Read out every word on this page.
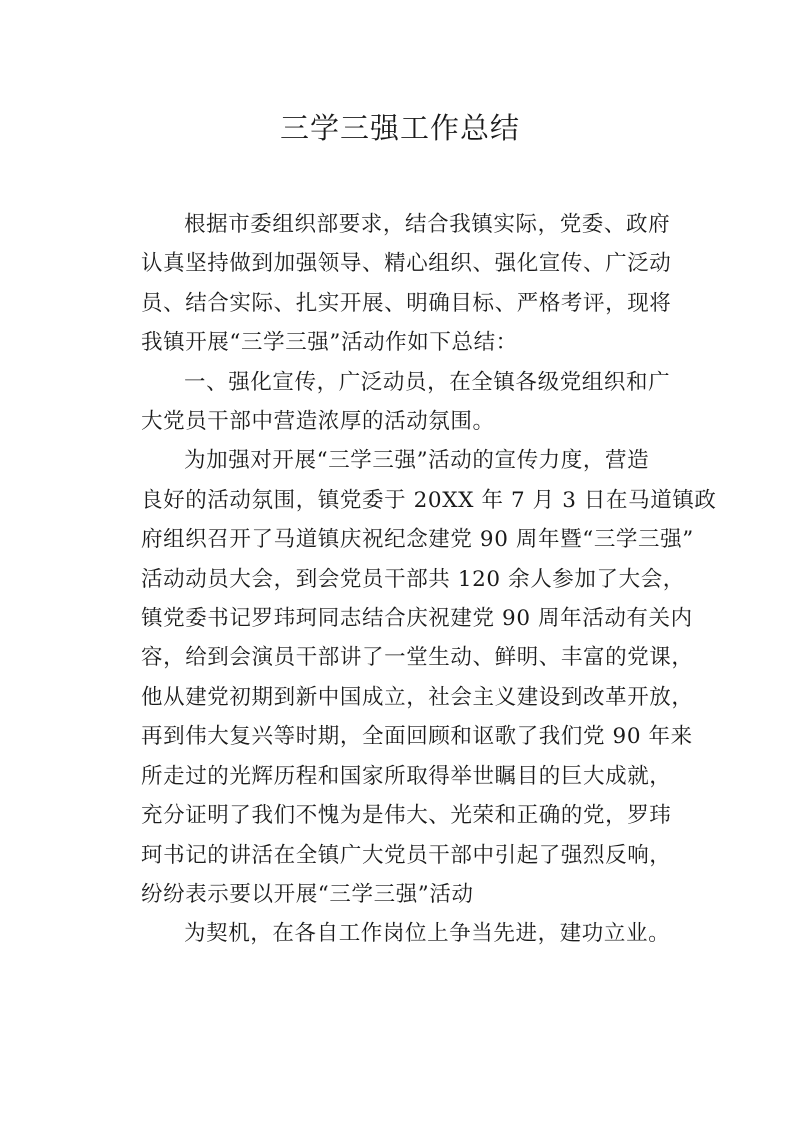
三学三强工作总结
根据市委组织部要求，结合我镇实际，党委、政府
认真坚持做到加强领导、精心组织、强化宣传、广泛动
员、结合实际、扎实开展、明确目标、严格考评，现将
我镇开展“三学三强”活动作如下总结：
一、强化宣传，广泛动员，在全镇各级党组织和广
大党员干部中营造浓厚的活动氛围。
为加强对开展“三学三强”活动的宣传力度，营造
良好的活动氛围，镇党委于 20XX 年 7 月 3 日在马道镇政
府组织召开了马道镇庆祝纪念建党 90 周年暨“三学三强”
活动动员大会，到会党员干部共 120 余人参加了大会，
镇党委书记罗玮珂同志结合庆祝建党 90 周年活动有关内
容，给到会演员干部讲了一堂生动、鲜明、丰富的党课，
他从建党初期到新中国成立，社会主义建设到改革开放，
再到伟大复兴等时期，全面回顾和讴歌了我们党 90 年来
所走过的光辉历程和国家所取得举世瞩目的巨大成就，
充分证明了我们不愧为是伟大、光荣和正确的党，罗玮
珂书记的讲活在全镇广大党员干部中引起了强烈反响，
纷纷表示要以开展“三学三强”活动
为契机，在各自工作岗位上争当先进，建功立业。
